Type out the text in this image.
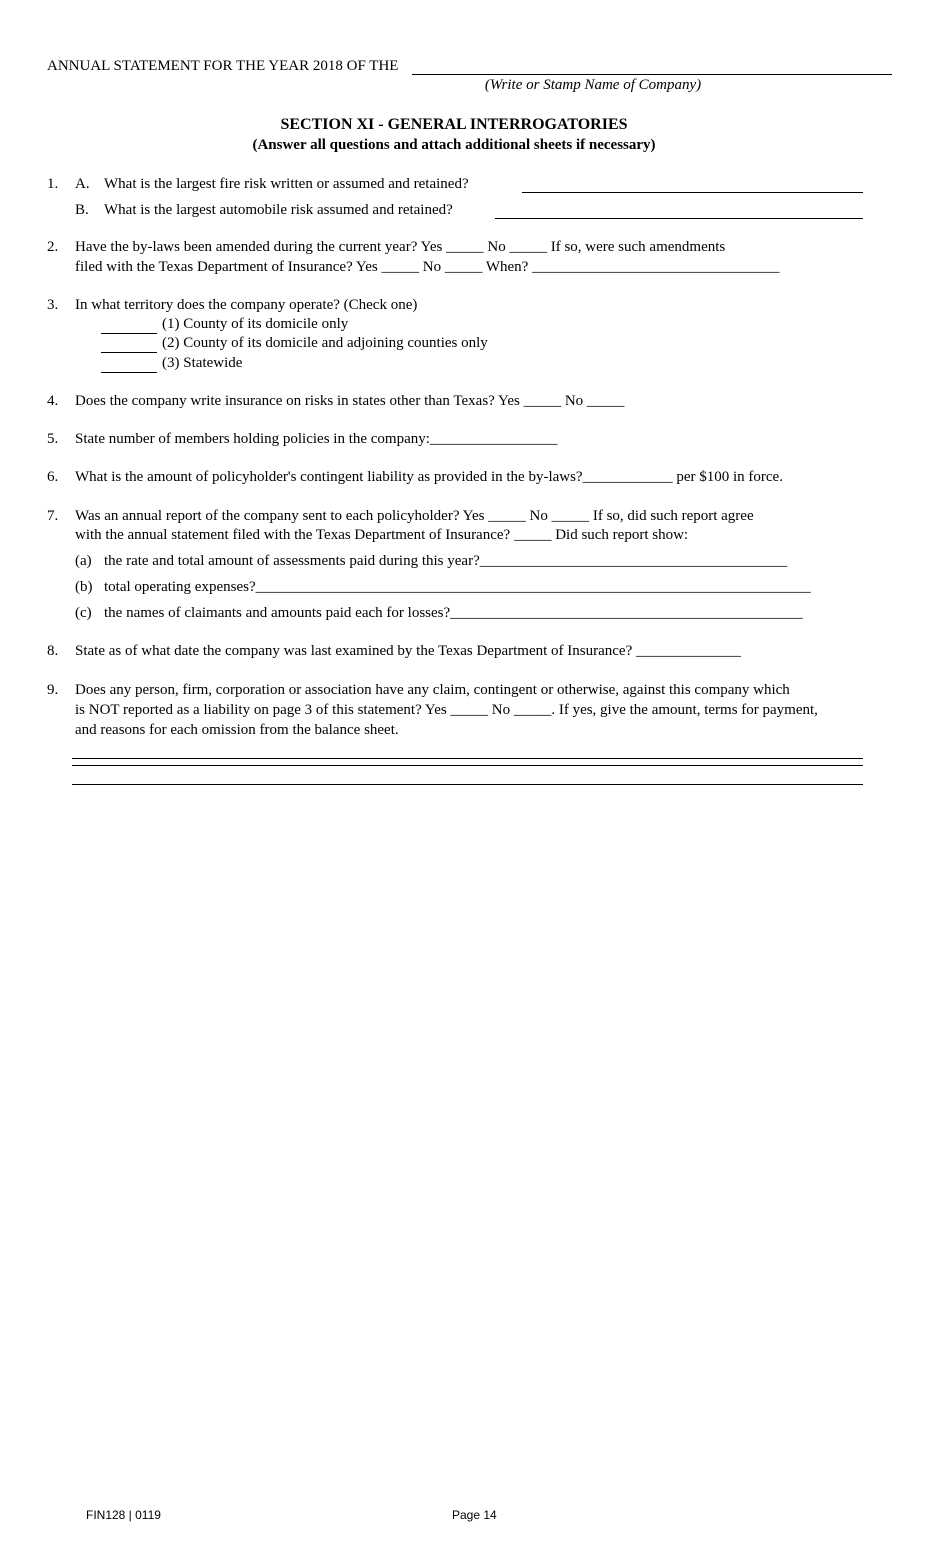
ANNUAL STATEMENT FOR THE YEAR 2018 OF THE
(Write or Stamp Name of Company)
SECTION XI - GENERAL INTERROGATORIES
(Answer all questions and attach additional sheets if necessary)
1. A. What is the largest fire risk written or assumed and retained?
B. What is the largest automobile risk assumed and retained?
2. Have the by-laws been amended during the current year? Yes _____ No _____ If so, were such amendments
filed with the Texas Department of Insurance? Yes _____ No _____ When? _________________________________
3. In what territory does the company operate? (Check one)
(1) County of its domicile only
(2) County of its domicile and adjoining counties only
(3) Statewide
4. Does the company write insurance on risks in states other than Texas? Yes _____ No _____
5. State number of members holding policies in the company:_________________
6. What is the amount of policyholder's contingent liability as provided in the by-laws?____________ per $100 in force.
7. Was an annual report of the company sent to each policyholder? Yes _____ No _____ If so, did such report agree
with the annual statement filed with the Texas Department of Insurance? _____ Did such report show:
(a) the rate and total amount of assessments paid during this year?_________________________________________
(b) total operating expenses?__________________________________________________________________________
(c) the names of claimants and amounts paid each for losses?_______________________________________________
8. State as of what date the company was last examined by the Texas Department of Insurance? ______________
9. Does any person, firm, corporation or association have any claim, contingent or otherwise, against this company which
is NOT reported as a liability on page 3 of this statement? Yes _____ No _____. If yes, give the amount, terms for payment,
and reasons for each omission from the balance sheet.
FIN128 | 0119	Page 14
